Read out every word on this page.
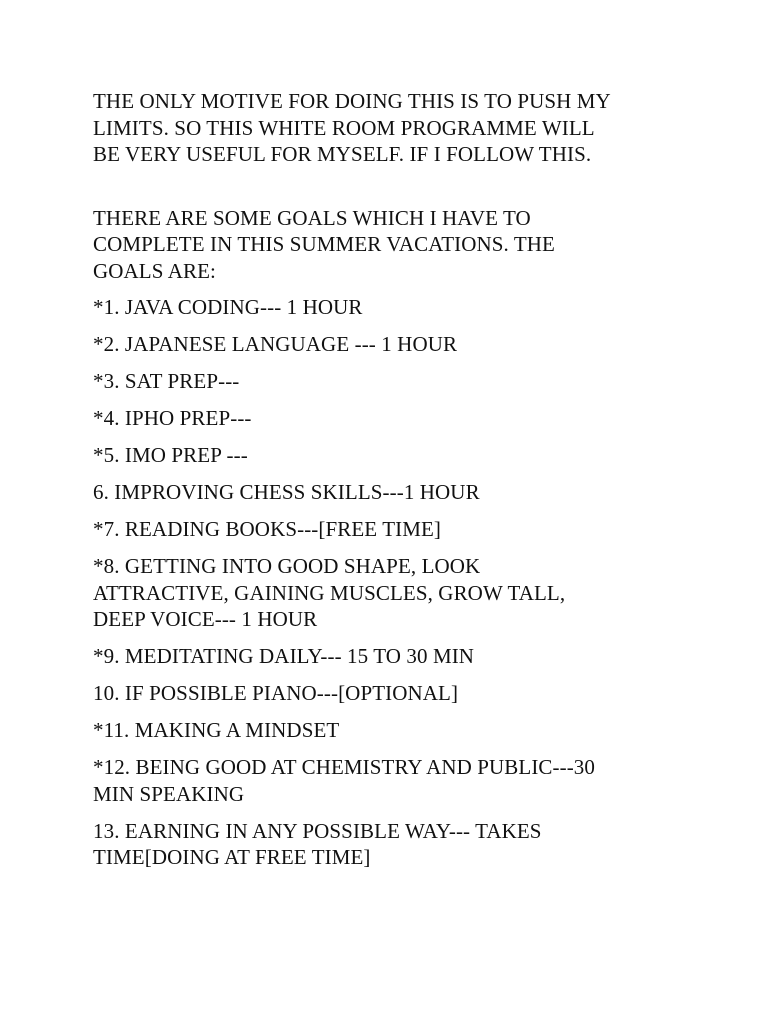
THE ONLY MOTIVE FOR DOING THIS IS TO PUSH MY
LIMITS. SO THIS WHITE ROOM PROGRAMME WILL
BE VERY USEFUL FOR MYSELF. IF I FOLLOW THIS.

THERE ARE SOME GOALS WHICH I HAVE TO
COMPLETE IN THIS SUMMER VACATIONS. THE
GOALS ARE:

*1. JAVA CODING--- 1 HOUR

*2. JAPANESE LANGUAGE --- 1 HOUR

*3. SAT PREP---

*4. IPHO PREP---

*5. IMO PREP ---

6. IMPROVING CHESS SKILLS---1 HOUR

*7. READING BOOKS---[FREE TIME]

*8. GETTING INTO GOOD SHAPE, LOOK
ATTRACTIVE, GAINING MUSCLES, GROW TALL,
DEEP VOICE--- 1 HOUR

*9. MEDITATING DAILY--- 15 TO 30 MIN

10. IF POSSIBLE PIANO---[OPTIONAL]

*11. MAKING A MINDSET

*12. BEING GOOD AT CHEMISTRY AND PUBLIC---30
MIN SPEAKING

13. EARNING IN ANY POSSIBLE WAY--- TAKES
TIME[DOING AT FREE TIME]
